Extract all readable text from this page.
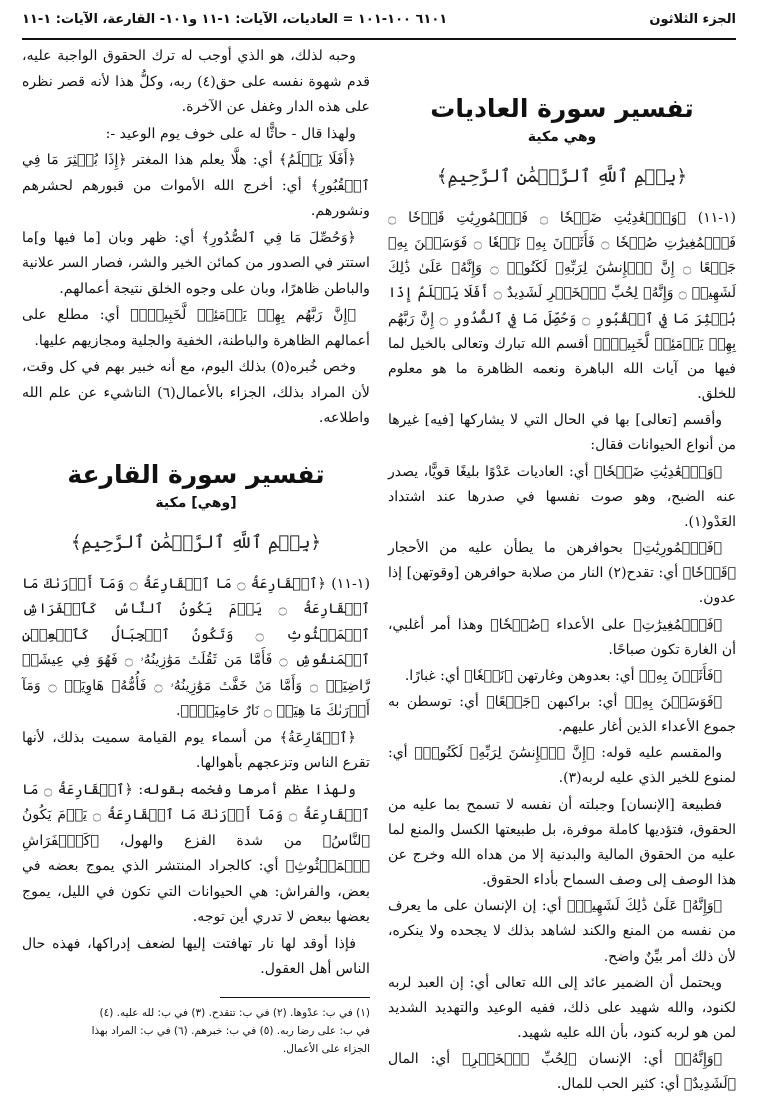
الجزء الثلاثون
٦١٠١ ١٠٠-١٠١ = العاديات، الآيات: ١-١١ و١٠١- القارعة، الآيات: ١-١١
تفسير سورة العاديات
وهي مكية
﴿بِسۡمِ ٱللَّهِ ٱلرَّحۡمَٰنِ ٱلرَّحِيمِ﴾

(١-١١) ﴿وَٱلۡعَٰدِيَٰتِ ضَبۡحٗا ۝ فَٱلۡمُورِيَٰتِ قَدۡحٗا ۝ فَٱلۡمُغِيرَٰتِ صُبۡحٗا ۝ فَأَثَرۡنَ بِهِۦ نَقۡعٗا ۝ فَوَسَطۡنَ بِهِۦ جَمۡعًا ۝ إِنَّ ٱلۡإِنسَٰنَ لِرَبِّهِۦ لَكَنُودٞ ۝ وَإِنَّهُۥ عَلَىٰ ذَٰلِكَ لَشَهِيدٞ ۝ وَإِنَّهُۥ لِحُبِّ ٱلۡخَيۡرِ لَشَدِيدٌ ۝ أَفَلَا يَعۡلَمُ إِذَا بُعۡثِرَ مَا فِي ٱلۡقُبُورِ ۝ وَحُصِّلَ مَا فِي ٱلصُّدُورِ ۝ إِنَّ رَبَّهُم بِهِمۡ يَوۡمَئِذٖ لَّخَبِيرُۢ﴾ أقسم الله تبارك وتعالى بالخيل لما فيها من آيات الله الباهرة ونعمه الظاهرة ما هو معلوم للخلق.

وأقسم [تعالى] بها في الحال التي لا يشاركها [فيه] غيرها من أنواع الحيوانات فقال:

﴿وَٱلۡعَٰدِيَٰتِ ضَبۡحٗا﴾ أي: العاديات عَدْوًا بليغًا قويًّا، يصدر عنه الضبح، وهو صوت نفسها في صدرها عند اشتداد العَدْو(١).

﴿فَٱلۡمُورِيَٰتِ﴾ بحوافرهن ما يطأن عليه من الأحجار ﴿قَدۡحٗا﴾ أي: تقدح(٢) النار من صلابة حوافرهن [وقوتهن] إذا عدون.

﴿فَٱلۡمُغِيرَٰتِ﴾ على الأعداء ﴿صُبۡحٗا﴾ وهذا أمر أغلبي، أن الغارة تكون صباحًا.

﴿فَأَثَرۡنَ بِهِۦ﴾ أي: بعدوهن وغارتهن ﴿نَقۡعٗا﴾ أي: غبارًا.

﴿فَوَسَطۡنَ بِهِۦ﴾ أي: براكبهن ﴿جَمۡعًا﴾ أي: توسطن به جموع الأعداء الذين أغار عليهم.

والمقسم عليه قوله: ﴿إِنَّ ٱلۡإِنسَٰنَ لِرَبِّهِۦ لَكَنُودٞ﴾ أي: لمنوع للخير الذي عليه لربه(٣).

فطبيعة [الإنسان] وجبلته أن نفسه لا تسمح بما عليه من الحقوق، فتؤديها كاملة موفرة، بل طبيعتها الكسل والمنع لما عليه من الحقوق المالية والبدنية إلا من هداه الله وخرج عن هذا الوصف إلى وصف السماح بأداء الحقوق.

﴿وَإِنَّهُۥ عَلَىٰ ذَٰلِكَ لَشَهِيدٞ﴾ أي: إن الإنسان على ما يعرف من نفسه من المنع والكند لشاهد بذلك لا يجحده ولا ينكره، لأن ذلك أمر بيِّنٌ واضح.

ويحتمل أن الضمير عائد إلى الله تعالى أي: إن العبد لربه لكنود، والله شهيد على ذلك، ففيه الوعيد والتهديد الشديد لمن هو لربه كنود، بأن الله عليه شهيد.

﴿وَإِنَّهُۥ﴾ أي: الإنسان ﴿لِحُبِّ ٱلۡخَيۡرِ﴾ أي: المال ﴿لَشَدِيدٌ﴾ أي: كثير الحب للمال.

وحبه لذلك، هو الذي أوجب له ترك الحقوق الواجبة عليه، قدم شهوة نفسه على حق(٤) ربه، وكلُّ هذا لأنه قصر نظره على هذه الدار وغفل عن الآخرة.

ولهذا قال - حاثًّا له على خوف يوم الوعيد -:

﴿أَفَلَا يَعۡلَمُ﴾ أي: هلَّا يعلم هذا المغتر ﴿إِذَا بُعۡثِرَ مَا فِي ٱلۡقُبُورِ﴾ أي: أخرج الله الأموات من قبورهم لحشرهم ونشورهم.

﴿وَحُصِّلَ مَا فِي ٱلصُّدُورِ﴾ أي: ظهر وبان [ما فيها و]ما استتر في الصدور من كمائن الخير والشر، فصار السر علانية والباطن ظاهرًا، وبان على وجوه الخلق نتيجة أعمالهم.

﴿إِنَّ رَبَّهُم بِهِمۡ يَوۡمَئِذٖ لَّخَبِيرُۢ﴾ أي: مطلع على أعمالهم الظاهرة والباطنة، الخفية والجلية ومجازيهم عليها.

وخص خُبره(٥) بذلك اليوم، مع أنه خبير بهم في كل وقت، لأن المراد بذلك، الجزاء بالأعمال(٦) الناشيء عن علم الله واطلاعه.

تفسير سورة القارعة
[وهي] مكية
﴿بِسۡمِ ٱللَّهِ ٱلرَّحۡمَٰنِ ٱلرَّحِيمِ﴾

(١-١١) ﴿ٱلۡقَارِعَةُ ۝ مَا ٱلۡقَارِعَةُ ۝ وَمَآ أَدۡرَىٰكَ مَا ٱلۡقَارِعَةُ ۝ يَوۡمَ يَكُونُ ٱلنَّاسُ كَٱلۡفَرَاشِ ٱلۡمَبۡثُوثِ ۝ وَتَكُونُ ٱلۡجِبَالُ كَٱلۡعِهۡنِ ٱلۡمَنفُوشِ ۝ فَأَمَّا مَن ثَقُلَتۡ مَوَٰزِينُهُۥ ۝ فَهُوَ فِي عِيشَةٖ رَّاضِيَةٖ ۝ وَأَمَّا مَنۡ خَفَّتۡ مَوَٰزِينُهُۥ ۝ فَأُمُّهُۥ هَاوِيَةٞ ۝ وَمَآ أَدۡرَىٰكَ مَا هِيَهۡ ۝ نَارٌ حَامِيَةُۢ﴾.

﴿ٱلۡقَارِعَةُ﴾ من أسماء يوم القيامة سميت بذلك، لأنها تقرع الناس وتزعجهم بأهوالها.

ولهذا عظم أمرها وفخمه بقوله: ﴿ٱلۡقَارِعَةُ ۝ مَا ٱلۡقَارِعَةُ ۝ وَمَآ أَدۡرَىٰكَ مَا ٱلۡقَارِعَةُ ۝ يَوۡمَ يَكُونُ ٱلنَّاسُ﴾ من شدة الفزع والهول، ﴿كَٱلۡفَرَاشِ ٱلۡمَبۡثُوثِ﴾ أي: كالجراد المنتشر الذي يموج بعضه في بعض، والفراش: هي الحيوانات التي تكون في الليل، يموج بعضها ببعض لا تدري أين توجه.

فإذا أوقد لها نار تهافتت إليها لضعف إدراكها، فهذه حال الناس أهل العقول.

(١) في ب: عدْوها. (٢) في ب: تتقدح. (٣) في ب: لله عليه. (٤)
في ب: على رضا ربه. (٥) في ب: خبرهم. (٦) في ب: المراد بهذا
الجزاء على الأعمال.
